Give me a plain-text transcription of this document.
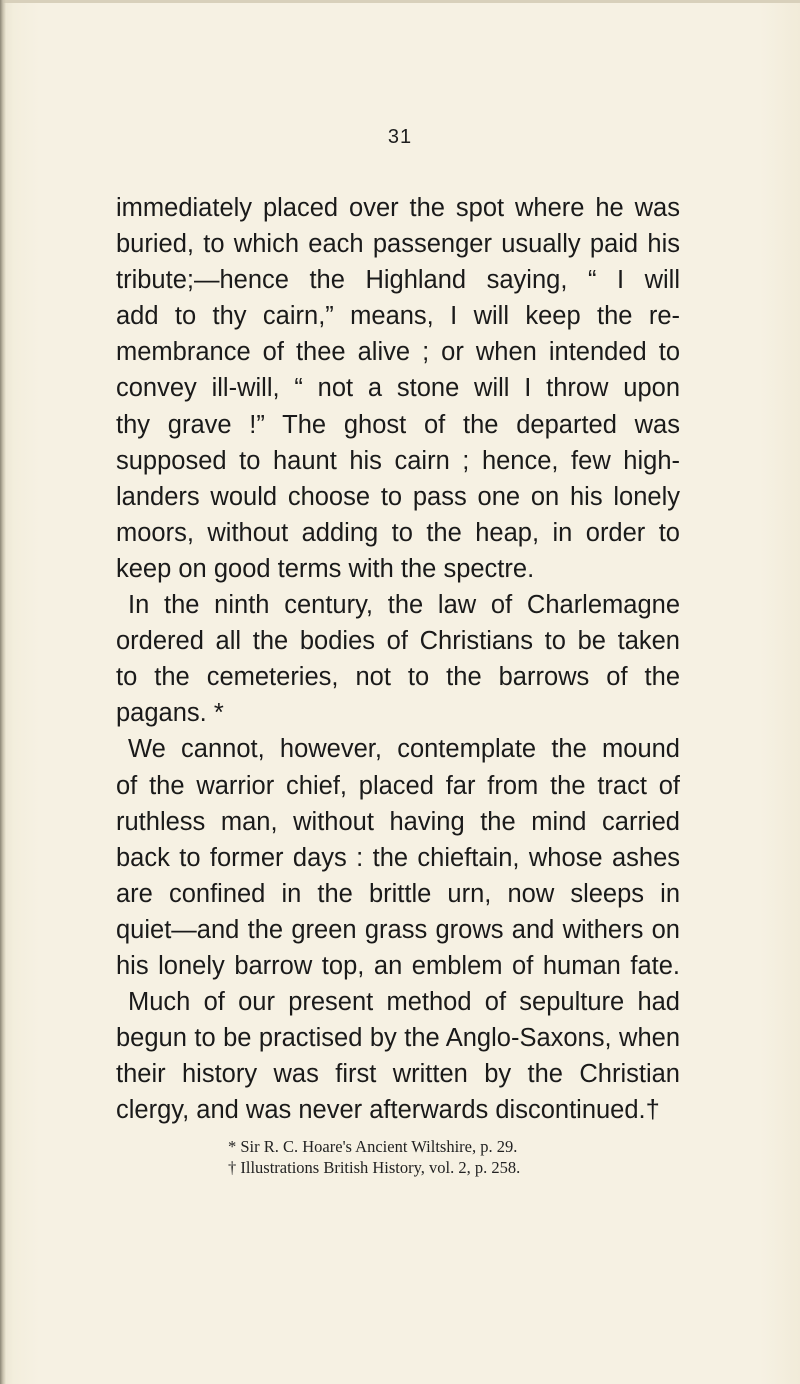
31
immediately placed over the spot where he was
buried, to which each passenger usually paid his
tribute;—hence the Highland saying, “ I will
add to thy cairn,” means, I will keep the re-
membrance of thee alive ; or when intended to
convey ill-will, “ not a stone will I throw upon
thy grave !” The ghost of the departed was
supposed to haunt his cairn ; hence, few high-
landers would choose to pass one on his lonely
moors, without adding to the heap, in order to
keep on good terms with the spectre.
In the ninth century, the law of Charlemagne
ordered all the bodies of Christians to be taken
to the cemeteries, not to the barrows of the
pagans. *
We cannot, however, contemplate the mound
of the warrior chief, placed far from the tract of
ruthless man, without having the mind carried
back to former days : the chieftain, whose ashes
are confined in the brittle urn, now sleeps in
quiet—and the green grass grows and withers on
his lonely barrow top, an emblem of human fate.
Much of our present method of sepulture had
begun to be practised by the Anglo-Saxons, when
their history was first written by the Christian
clergy, and was never afterwards discontinued.†
* Sir R. C. Hoare's Ancient Wiltshire, p. 29.
† Illustrations British History, vol. 2, p. 258.
